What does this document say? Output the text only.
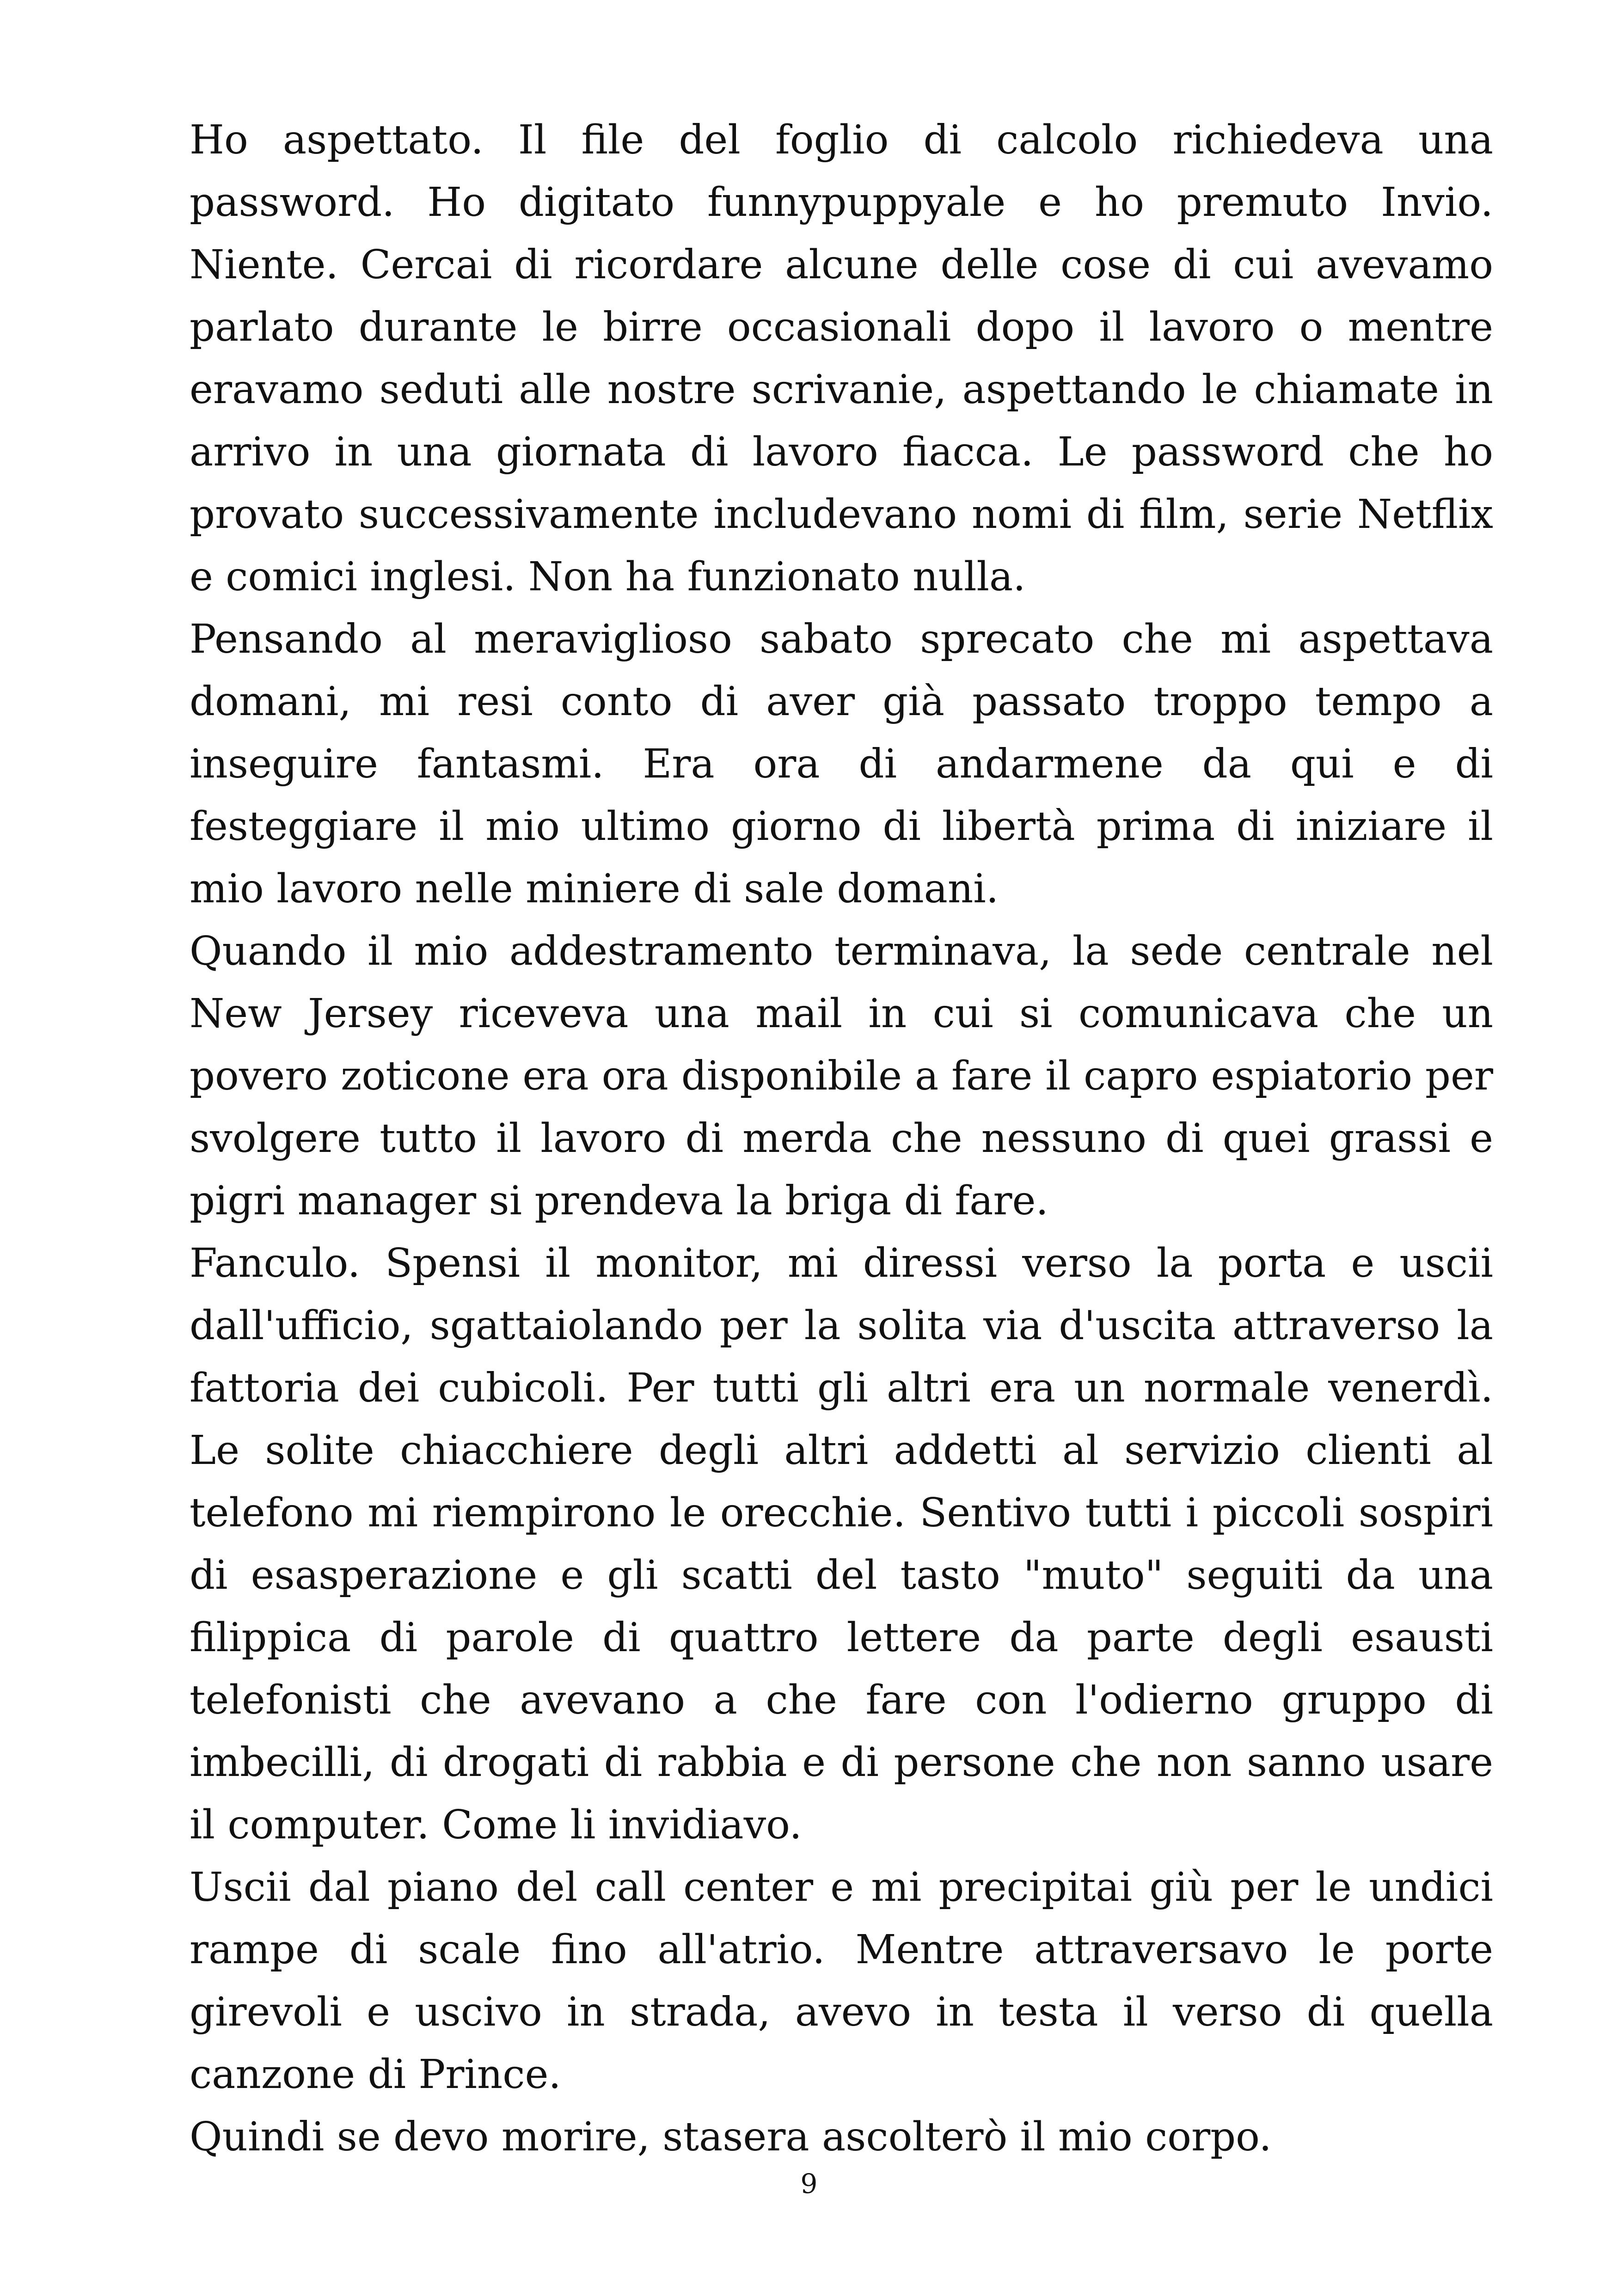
Ho aspettato. Il file del foglio di calcolo richiedeva una password. Ho digitato funnypuppyale e ho premuto Invio. Niente. Cercai di ricordare alcune delle cose di cui avevamo parlato durante le birre occasionali dopo il lavoro o mentre eravamo seduti alle nostre scrivanie, aspettando le chiamate in arrivo in una giornata di lavoro fiacca. Le password che ho provato successivamente includevano nomi di film, serie Netflix e comici inglesi. Non ha funzionato nulla.

Pensando al meraviglioso sabato sprecato che mi aspettava domani, mi resi conto di aver già passato troppo tempo a inseguire fantasmi. Era ora di andarmene da qui e di festeggiare il mio ultimo giorno di libertà prima di iniziare il mio lavoro nelle miniere di sale domani.

Quando il mio addestramento terminava, la sede centrale nel New Jersey riceveva una mail in cui si comunicava che un povero zoticone era ora disponibile a fare il capro espiatorio per svolgere tutto il lavoro di merda che nessuno di quei grassi e pigri manager si prendeva la briga di fare.

Fanculo. Spensi il monitor, mi diressi verso la porta e uscii dall'ufficio, sgattaiolando per la solita via d'uscita attraverso la fattoria dei cubicoli. Per tutti gli altri era un normale venerdì. Le solite chiacchiere degli altri addetti al servizio clienti al telefono mi riempirono le orecchie. Sentivo tutti i piccoli sospiri di esasperazione e gli scatti del tasto "muto" seguiti da una filippica di parole di quattro lettere da parte degli esausti telefonisti che avevano a che fare con l'odierno gruppo di imbecilli, di drogati di rabbia e di persone che non sanno usare il computer. Come li invidiavo.

Uscii dal piano del call center e mi precipitai giù per le undici rampe di scale fino all'atrio. Mentre attraversavo le porte girevoli e uscivo in strada, avevo in testa il verso di quella canzone di Prince.

Quindi se devo morire, stasera ascolterò il mio corpo.

9
